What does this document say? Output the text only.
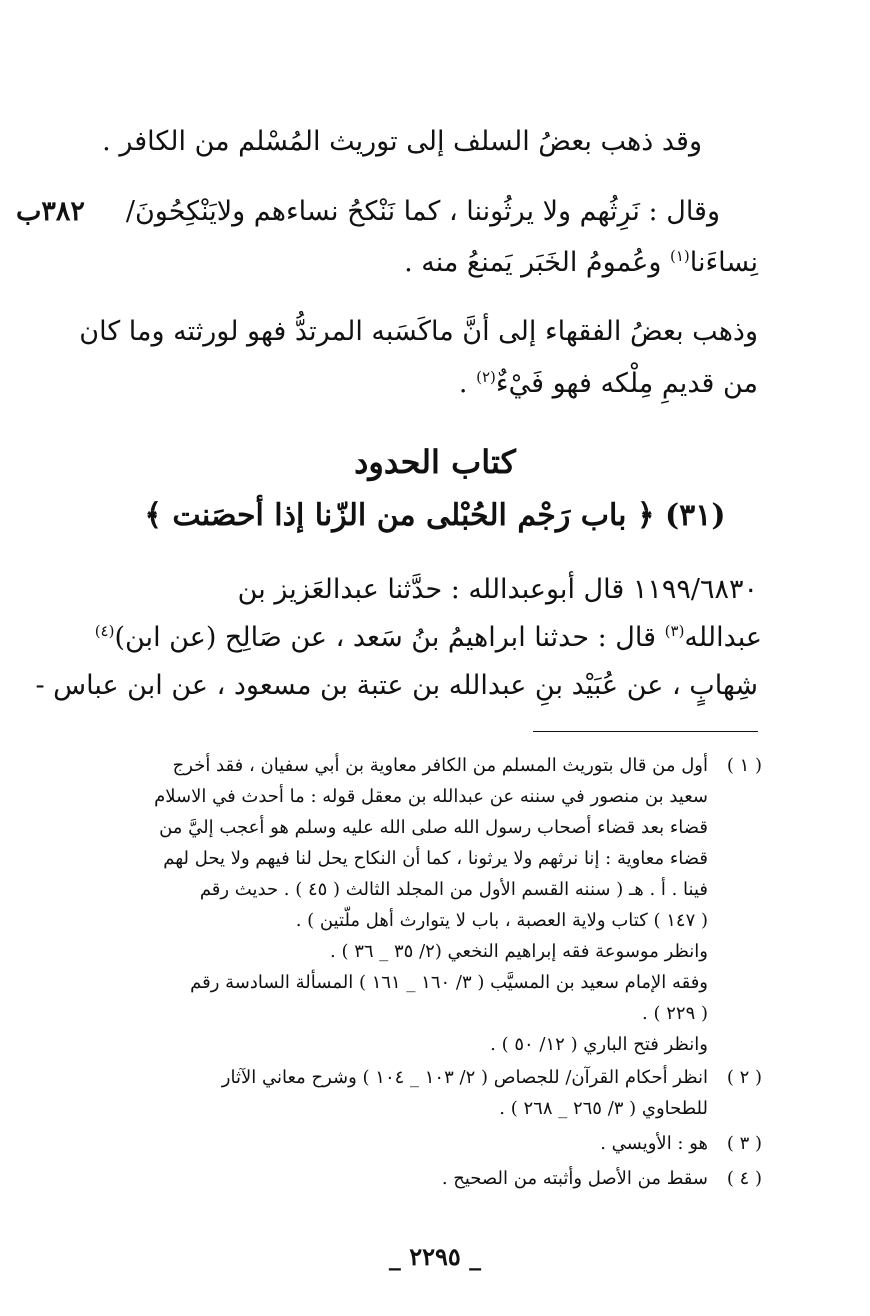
وقد ذهب بعضُ السلف إلى توريث المُسْلم من الكافر .
وقال : نَرِثُهم ولا يرثُوننا ، كما نَنْكحُ نساءهم ولايَنْكِحُونَ/
نِساءَنا$^{(١)}$ وعُمومُ الخَبَر يَمنعُ منه .
٣٨٢ب
وذهب بعضُ الفقهاء إلى أنَّ ماكَسَبه المرتدُّ فهو لورثته وما كان
من قديمِ مِلْكه فهو فَيْءٌ$^{(٢)}$ .
كتاب الحدود
(٣١) ﴿ باب رَجْم الحُبْلى من الزّنا إذا أحصَنت ﴾
١١٩٩/٦٨٣٠ قال أبوعبدالله : حدَّثنا عبدالعَزيز بن
عبدالله$^{(٣)}$ قال : حدثنا ابراهيمُ بنُ سَعد ، عن صَالِح (عن ابن)$^{(٤)}$
شِهابٍ ، عن عُبَيْد بنِ عبدالله بن عتبة بن مسعود ، عن ابن عباس -
( ١ )
أول من قال بتوريث المسلم من الكافر معاوية بن أبي سفيان ، فقد أخرج
سعيد بن منصور في سننه عن عبدالله بن معقل قوله : ما أحدث في الاسلام
قضاء بعد قضاء أصحاب رسول الله صلى الله عليه وسلم هو أعجب إليَّ من
قضاء معاوية : إنا نرثهم ولا يرثونا ، كما أن النكاح يحل لنا فيهم ولا يحل لهم
فينا . أ . هـ ( سننه القسم الأول من المجلد الثالث ( ٤٥ ) . حديث رقم
( ١٤٧ ) كتاب ولاية العصبة ، باب لا يتوارث أهل ملّتين ) .
وانظر موسوعة فقه إبراهيم النخعي (٢/ ٣٥ _ ٣٦ ) .
وفقه الإمام سعيد بن المسيَّب ( ٣/ ١٦٠ _ ١٦١ ) المسألة السادسة رقم
( ٢٢٩ ) .
وانظر فتح الباري ( ١٢/ ٥٠ ) .
( ٢ )
انظر أحكام القرآن/ للجصاص ( ٢/ ١٠٣ _ ١٠٤ ) وشرح معاني الآثار
للطحاوي ( ٣/ ٢٦٥ _ ٢٦٨ ) .
( ٣ )
هو : الأويسي .
( ٤ )
سقط من الأصل وأثبته من الصحيح .
_ ٢٢٩٥ _
